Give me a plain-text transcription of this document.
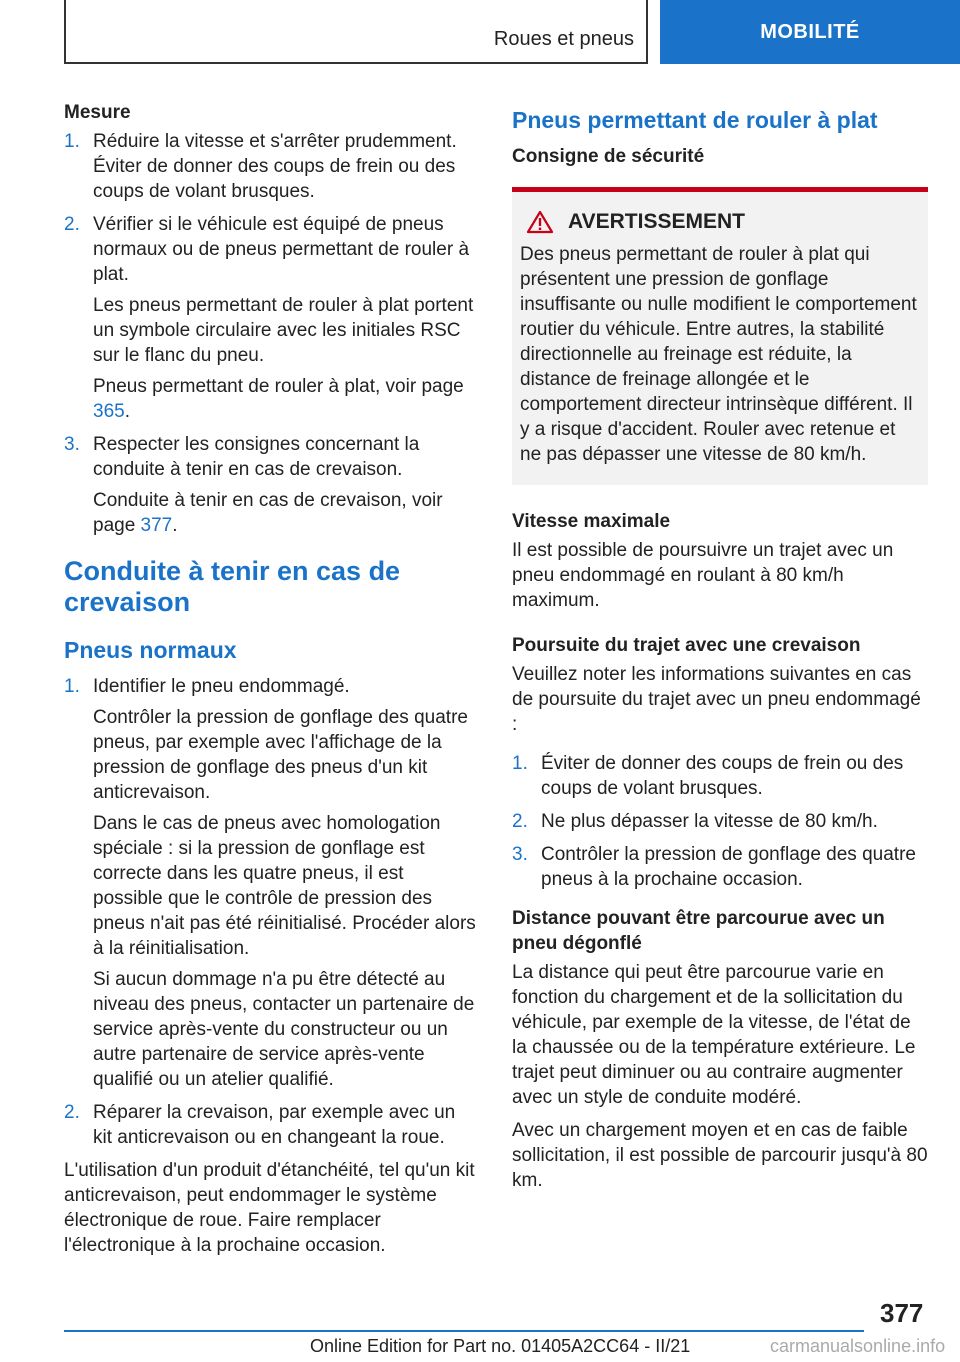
Roues et pneus	MOBILITÉ
Mesure
1. Réduire la vitesse et s'arrêter prudemment. Éviter de donner des coups de frein ou des coups de volant brusques.
2. Vérifier si le véhicule est équipé de pneus normaux ou de pneus permettant de rouler à plat.

Les pneus permettant de rouler à plat portent un symbole circulaire avec les initiales RSC sur le flanc du pneu.

Pneus permettant de rouler à plat, voir page 365.

3. Respecter les consignes concernant la conduite à tenir en cas de crevaison.

Conduite à tenir en cas de crevaison, voir page 377.

Conduite à tenir en cas de crevaison
Pneus normaux
1. Identifier le pneu endommagé.

Contrôler la pression de gonflage des quatre pneus, par exemple avec l'affichage de la pression de gonflage des pneus d'un kit anticrevaison.

Dans le cas de pneus avec homologation spéciale : si la pression de gonflage est correcte dans les quatre pneus, il est possible que le contrôle de pression des pneus n'ait pas été réinitialisé. Procéder alors à la réinitialisation.

Si aucun dommage n'a pu être détecté au niveau des pneus, contacter un partenaire de service après-vente du constructeur ou un autre partenaire de service après-vente qualifié ou un atelier qualifié.

2. Réparer la crevaison, par exemple avec un kit anticrevaison ou en changeant la roue.

L'utilisation d'un produit d'étanchéité, tel qu'un kit anticrevaison, peut endommager le système électronique de roue. Faire remplacer l'électronique à la prochaine occasion.

Pneus permettant de rouler à plat
Consigne de sécurité
AVERTISSEMENT

Des pneus permettant de rouler à plat qui présentent une pression de gonflage insuffisante ou nulle modifient le comportement routier du véhicule. Entre autres, la stabilité directionnelle au freinage est réduite, la distance de freinage allongée et le comportement directeur intrinsèque différent. Il y a risque d'accident. Rouler avec retenue et ne pas dépasser une vitesse de 80 km/h.

Vitesse maximale

Il est possible de poursuivre un trajet avec un pneu endommagé en roulant à 80 km/h maximum.

Poursuite du trajet avec une crevaison

Veuillez noter les informations suivantes en cas de poursuite du trajet avec un pneu endommagé :

1. Éviter de donner des coups de frein ou des coups de volant brusques.
2. Ne plus dépasser la vitesse de 80 km/h.
3. Contrôler la pression de gonflage des quatre pneus à la prochaine occasion.
Distance pouvant être parcourue avec un pneu dégonflé

La distance qui peut être parcourue varie en fonction du chargement et de la sollicitation du véhicule, par exemple de la vitesse, de l'état de la chaussée ou de la température extérieure. Le trajet peut diminuer ou au contraire augmenter avec un style de conduite modéré.

Avec un chargement moyen et en cas de faible sollicitation, il est possible de parcourir jusqu'à 80 km.

377
Online Edition for Part no. 01405A2CC64 - II/21	carmanualsonline.info
